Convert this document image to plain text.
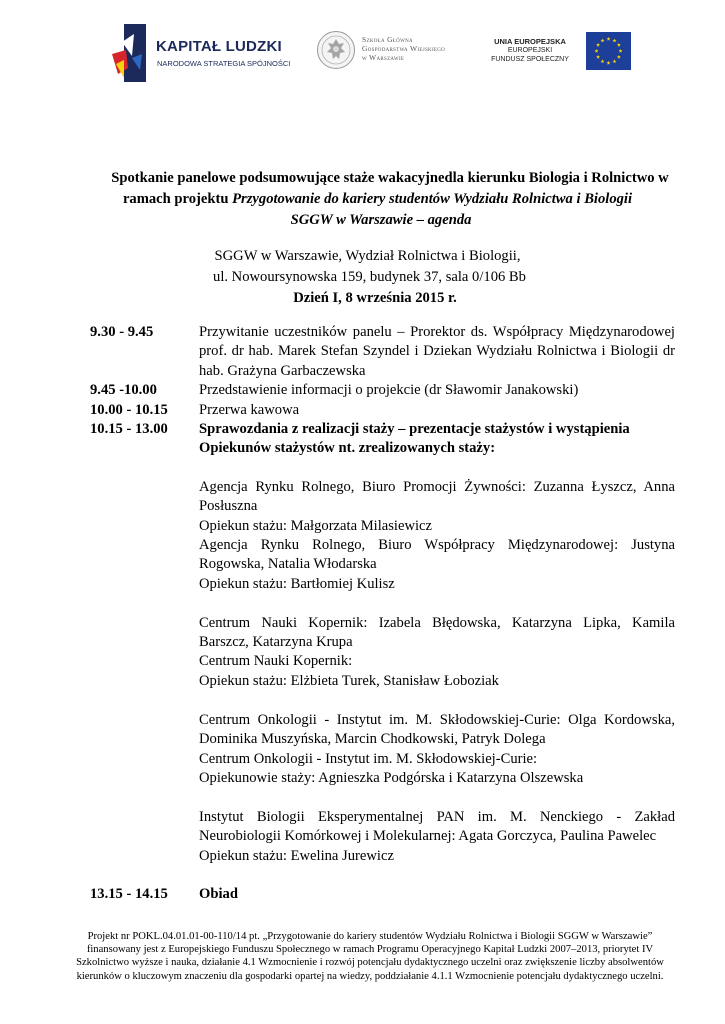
KAPITAŁ LUDZKI
NARODOWA STRATEGIA SPÓJNOŚCI
Szkoła Główna
Gospodarstwa Wiejskiego
w Warszawie
UNIA EUROPEJSKA
EUROPEJSKI
FUNDUSZ SPOŁECZNY
Spotkanie panelowe podsumowujące staże wakacyjnedla kierunku Biologia i Rolnictwo w
ramach projektu Przygotowanie do kariery studentów Wydziału Rolnictwa i Biologii
SGGW w Warszawie – agenda
SGGW w Warszawie, Wydział Rolnictwa i Biologii,
ul. Nowoursynowska 159, budynek 37, sala 0/106 Bb
Dzień I, 8 września 2015 r.
9.30 - 9.45	Przywitanie uczestników panelu – Prorektor ds. Współpracy Międzynarodowej prof. dr hab. Marek Stefan Szyndel i Dziekan Wydziału Rolnictwa i Biologii dr hab. Grażyna Garbaczewska
9.45 -10.00	Przedstawienie informacji o projekcie (dr Sławomir Janakowski)
10.00 - 10.15 Przerwa kawowa
10.15 - 13.00 Sprawozdania z realizacji staży – prezentacje stażystów i wystąpienia Opiekunów stażystów nt. zrealizowanych staży:

Agencja Rynku Rolnego, Biuro Promocji Żywności: Zuzanna Łyszcz, Anna Posłuszna

Opiekun stażu: Małgorzata Milasiewicz

Agencja Rynku Rolnego, Biuro Współpracy Międzynarodowej: Justyna Rogowska, Natalia Włodarska

Opiekun stażu: Bartłomiej Kulisz

Centrum Nauki Kopernik: Izabela Błędowska, Katarzyna Lipka, Kamila Barszcz, Katarzyna Krupa

Centrum Nauki Kopernik:

Opiekun stażu: Elżbieta Turek, Stanisław Łoboziak

Centrum Onkologii - Instytut im. M. Skłodowskiej-Curie: Olga Kordowska, Dominika Muszyńska, Marcin Chodkowski, Patryk Dolega

Centrum Onkologii - Instytut im. M. Skłodowskiej-Curie:

Opiekunowie staży: Agnieszka Podgórska i Katarzyna Olszewska

Instytut Biologii Eksperymentalnej PAN im. M. Nenckiego - Zakład Neurobiologii Komórkowej i Molekularnej: Agata Gorczyca, Paulina Pawelec

Opiekun stażu: Ewelina Jurewicz

13.15 - 14.15 Obiad
Projekt nr POKL.04.01.01-00-110/14 pt. „Przygotowanie do kariery studentów Wydziału Rolnictwa i Biologii SGGW w Warszawie” finansowany jest z Europejskiego Funduszu Społecznego w ramach Programu Operacyjnego Kapitał Ludzki 2007–2013, priorytet IV Szkolnictwo wyższe i nauka, działanie 4.1 Wzmocnienie i rozwój potencjału dydaktycznego uczelni oraz zwiększenie liczby absolwentów kierunków o kluczowym znaczeniu dla gospodarki opartej na wiedzy, poddziałanie 4.1.1 Wzmocnienie potencjału dydaktycznego uczelni.
